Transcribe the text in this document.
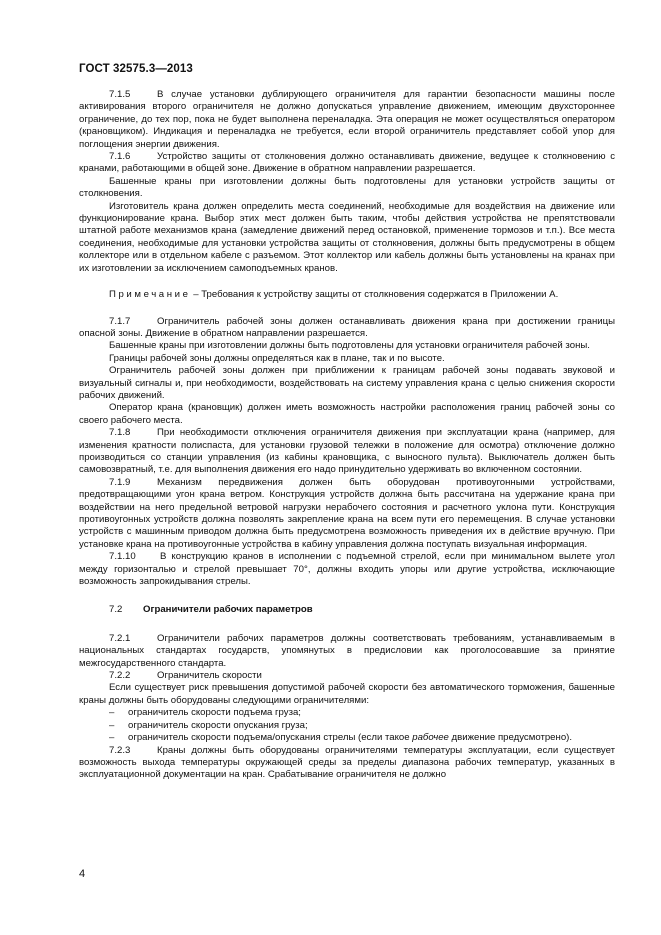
ГОСТ 32575.3—2013

7.1.5	В случае установки дублирующего ограничителя для гарантии безопасности машины после активирования второго ограничителя не должно допускаться управление движением, имеющим двухстороннее ограничение, до тех пор, пока не будет выполнена переналадка. Эта операция не может осуществляться оператором (крановщиком). Индикация и переналадка не требуется, если второй ограничитель представляет собой упор для поглощения энергии движения.

7.1.6	Устройство защиты от столкновения должно останавливать движение, ведущее к столкновению с кранами, работающими в общей зоне. Движение в обратном направлении разрешается.

Башенные краны при изготовлении должны быть подготовлены для установки устройств защиты от столкновения.

Изготовитель крана должен определить места соединений, необходимые для воздействия на движение или функционирование крана. Выбор этих мест должен быть таким, чтобы действия устройства не препятствовали штатной работе механизмов крана (замедление движений перед остановкой, применение тормозов и т.п.). Все места соединения, необходимые для установки устройства защиты от столкновения, должны быть предусмотрены в общем коллекторе или в отдельном кабеле с разъемом. Этот коллектор или кабель должны быть установлены на кранах при их изготовлении за исключением самоподъемных кранов.

Примечание – Требования к устройству защиты от столкновения содержатся в Приложении А.

7.1.7	Ограничитель рабочей зоны должен останавливать движения крана при достижении границы опасной зоны. Движение в обратном направлении разрешается.

Башенные краны при изготовлении должны быть подготовлены для установки ограничителя рабочей зоны.

Границы рабочей зоны должны определяться как в плане, так и по высоте.

Ограничитель рабочей зоны должен при приближении к границам рабочей зоны подавать звуковой и визуальный сигналы и, при необходимости, воздействовать на систему управления крана с целью снижения скорости рабочих движений.

Оператор крана (крановщик) должен иметь возможность настройки расположения границ рабочей зоны со своего рабочего места.

7.1.8	При необходимости отключения ограничителя движения при эксплуатации крана (например, для изменения кратности полиспаста, для установки грузовой тележки в положение для осмотра) отключение должно производиться со станции управления (из кабины крановщика, с выносного пульта). Выключатель должен быть самовозвратный, т.е. для выполнения движения его надо принудительно удерживать во включенном состоянии.

7.1.9	Механизм передвижения должен быть оборудован противоугонными устройствами, предотвращающими угон крана ветром. Конструкция устройств должна быть рассчитана на удержание крана при воздействии на него предельной ветровой нагрузки нерабочего состояния и расчетного уклона пути. Конструкция противоугонных устройств должна позволять закрепление крана на всем пути его перемещения. В случае установки устройств с машинным приводом должна быть предусмотрена возможность приведения их в действие вручную. При установке крана на противоугонные устройства в кабину управления должна поступать визуальная информация.

7.1.10	В конструкцию кранов в исполнении с подъемной стрелой, если при минимальном вылете угол между горизонталью и стрелой превышает 70°, должны входить упоры или другие устройства, исключающие возможность запрокидывания стрелы.

7.2 Ограничители рабочих параметров

7.2.1	Ограничители рабочих параметров должны соответствовать требованиям, устанавливаемым в национальных стандартах государств, упомянутых в предисловии как проголосовавшие за принятие межгосударственного стандарта.

7.2.2	Ограничитель скорости

Если существует риск превышения допустимой рабочей скорости без автоматического торможения, башенные краны должны быть оборудованы следующими ограничителями:

– ограничитель скорости подъема груза;

– ограничитель скорости опускания груза;

– ограничитель скорости подъема/опускания стрелы (если такое рабочее движение предусмотрено).

7.2.3	Краны должны быть оборудованы ограничителями температуры эксплуатации, если существует возможность выхода температуры окружающей среды за пределы диапазона рабочих температур, указанных в эксплуатационной документации на кран. Срабатывание ограничителя не должно

4
